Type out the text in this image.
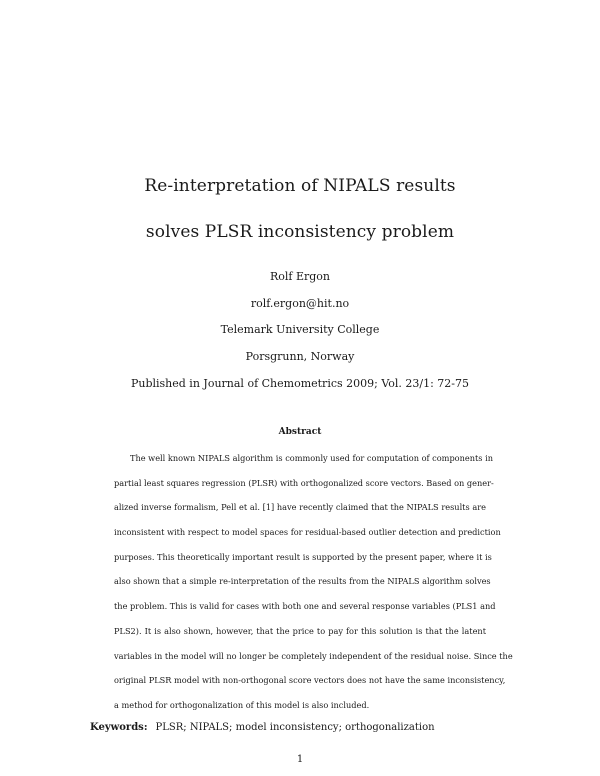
Re-interpretation of NIPALS results
solves PLSR inconsistency problem
Rolf Ergon
rolf.ergon@hit.no
Telemark University College
Porsgrunn, Norway
Published in Journal of Chemometrics 2009; Vol. 23/1: 72-75
Abstract
The well known NIPALS algorithm is commonly used for computation of components in
partial least squares regression (PLSR) with orthogonalized score vectors. Based on gener-
alized inverse formalism, Pell et al. [1] have recently claimed that the NIPALS results are
inconsistent with respect to model spaces for residual-based outlier detection and prediction
purposes. This theoretically important result is supported by the present paper, where it is
also shown that a simple re-interpretation of the results from the NIPALS algorithm solves
the problem. This is valid for cases with both one and several response variables (PLS1 and
PLS2). It is also shown, however, that the price to pay for this solution is that the latent
variables in the model will no longer be completely independent of the residual noise. Since the
original PLSR model with non-orthogonal score vectors does not have the same inconsistency,
a method for orthogonalization of this model is also included.
Keywords: PLSR; NIPALS; model inconsistency; orthogonalization
1
